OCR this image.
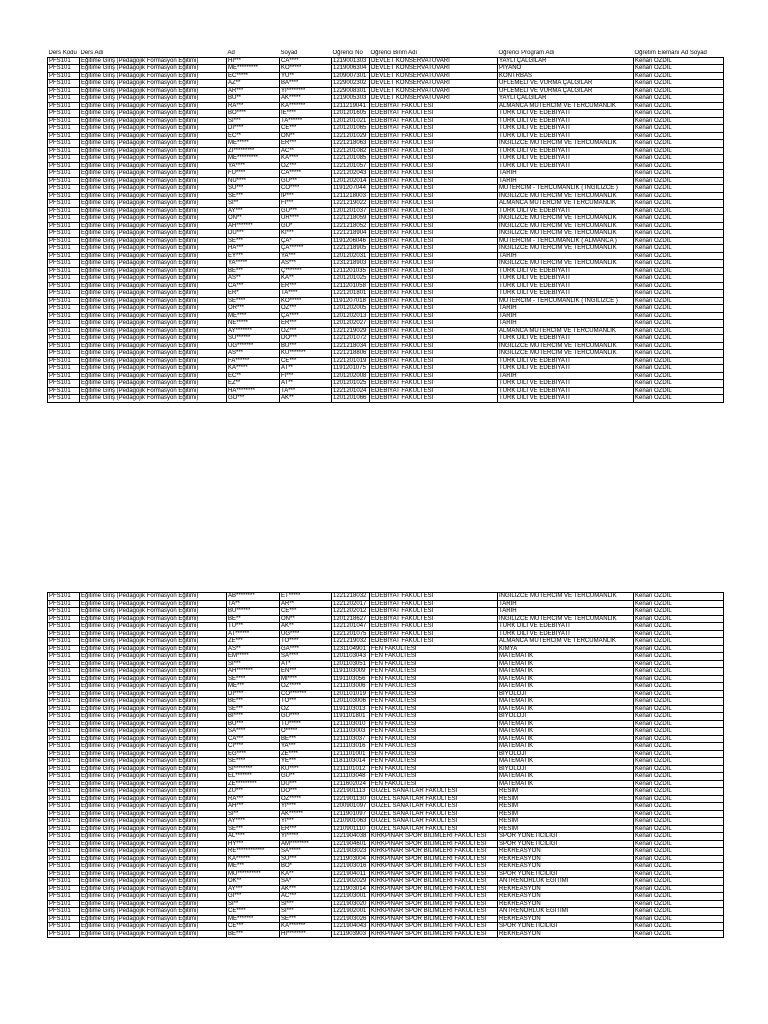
Ders Kodu	Ders Adı	Ad	Soyad	Öğrenci No	Öğrenci Birim Adı	Öğrenci Program Adı	Öğretim Elemanı Ad Soyad
PFS101	Eğitime Giriş (Pedagojik Formasyon Eğitimi)	HI***	CA****	1219001303	DEVLET KONSERVATUVARI	YAYLI ÇALGILAR	Kenan ÖZDİL
PFS101	Eğitime Giriş (Pedagojik Formasyon Eğitimi)	ME*********	KO*****	1219006304	DEVLET KONSERVATUVARI	PİYANO	Kenan ÖZDİL
PFS101	Eğitime Giriş (Pedagojik Formasyon Eğitimi)	EC*****	YÜ**	1209007301	DEVLET KONSERVATUVARI	KONTRBAS	Kenan ÖZDİL
PFS101	Eğitime Giriş (Pedagojik Formasyon Eğitimi)	AZ**	BA****	1229002302	DEVLET KONSERVATUVARI	ÜFLEMELİ VE VURMA ÇALGILAR	Kenan ÖZDİL
PFS101	Eğitime Giriş (Pedagojik Formasyon Eğitimi)	AR***	YI********	1229008301	DEVLET KONSERVATUVARI	ÜFLEMELİ VE VURMA ÇALGILAR	Kenan ÖZDİL
PFS101	Eğitime Giriş (Pedagojik Formasyon Eğitimi)	BU**	AK*****	1219005303	DEVLET KONSERVATUVARI	YAYLI ÇALGILAR	Kenan ÖZDİL
PFS101	Eğitime Giriş (Pedagojik Formasyon Eğitimi)	RA***	KA*******	1211219041	EDEBİYAT FAKÜLTESİ	ALMANCA MÜTERCİM VE TERCÜMANLIK	Kenan ÖZDİL
PFS101	Eğitime Giriş (Pedagojik Formasyon Eğitimi)	BO****	İE****	1201201605	EDEBİYAT FAKÜLTESİ	TÜRK DİLİ VE EDEBİYATI	Kenan ÖZDİL
PFS101	Eğitime Giriş (Pedagojik Formasyon Eğitimi)	SI***	TA******	1201201021	EDEBİYAT FAKÜLTESİ	TÜRK DİLİ VE EDEBİYATI	Kenan ÖZDİL
PFS101	Eğitime Giriş (Pedagojik Formasyon Eğitimi)	DI****	CE***	1201201065	EDEBİYAT FAKÜLTESİ	TÜRK DİLİ VE EDEBİYATI	Kenan ÖZDİL
PFS101	Eğitime Giriş (Pedagojik Formasyon Eğitimi)	EC**	ON**	1221201029	EDEBİYAT FAKÜLTESİ	TÜRK DİLİ VE EDEBİYATI	Kenan ÖZDİL
PFS101	Eğitime Giriş (Pedagojik Formasyon Eğitimi)	ME*****	ER***	1221218063	EDEBİYAT FAKÜLTESİ	İNGİLİZCE MÜTERCİM VE TERCÜMANLIK	Kenan ÖZDİL
PFS101	Eğitime Giriş (Pedagojik Formasyon Eğitimi)	ZI*********	AC**	1221201082	EDEBİYAT FAKÜLTESİ	TÜRK DİLİ VE EDEBİYATI	Kenan ÖZDİL
PFS101	Eğitime Giriş (Pedagojik Formasyon Eğitimi)	ME*********	KA****	1221201085	EDEBİYAT FAKÜLTESİ	TÜRK DİLİ VE EDEBİYATI	Kenan ÖZDİL
PFS101	Eğitime Giriş (Pedagojik Formasyon Eğitimi)	YA****	ÖZ***	1221201057	EDEBİYAT FAKÜLTESİ	TÜRK DİLİ VE EDEBİYATI	Kenan ÖZDİL
PFS101	Eğitime Giriş (Pedagojik Formasyon Eğitimi)	FU****	CA*****	1221202043	EDEBİYAT FAKÜLTESİ	TARİH	Kenan ÖZDİL
PFS101	Eğitime Giriş (Pedagojik Formasyon Eğitimi)	NU****	GÜ***	1201202014	EDEBİYAT FAKÜLTESİ	TARİH	Kenan ÖZDİL
PFS101	Eğitime Giriş (Pedagojik Formasyon Eğitimi)	SU***	CO****	1191207044	EDEBİYAT FAKÜLTESİ	MÜTERCİM - TERCÜMANLIK ( İNGİLİZCE )	Kenan ÖZDİL
PFS101	Eğitime Giriş (Pedagojik Formasyon Eğitimi)	SE***	İP***	1211218003	EDEBİYAT FAKÜLTESİ	İNGİLİZCE MÜTERCİM VE TERCÜMANLIK	Kenan ÖZDİL
PFS101	Eğitime Giriş (Pedagojik Formasyon Eğitimi)	SI**	FI***	1221219022	EDEBİYAT FAKÜLTESİ	ALMANCA MÜTERCİM VE TERCÜMANLIK	Kenan ÖZDİL
PFS101	Eğitime Giriş (Pedagojik Formasyon Eğitimi)	AY***	GÜ***	1201201037	EDEBİYAT FAKÜLTESİ	TÜRK DİLİ VE EDEBİYATI	Kenan ÖZDİL
PFS101	Eğitime Giriş (Pedagojik Formasyon Eğitimi)	ON**	UR****	1221218059	EDEBİYAT FAKÜLTESİ	İNGİLİZCE MÜTERCİM VE TERCÜMANLIK	Kenan ÖZDİL
PFS101	Eğitime Giriş (Pedagojik Formasyon Eğitimi)	AH*******	GÜ*	1221218052	EDEBİYAT FAKÜLTESİ	İNGİLİZCE MÜTERCİM VE TERCÜMANLIK	Kenan ÖZDİL
PFS101	Eğitime Giriş (Pedagojik Formasyon Eğitimi)	DU***	KI***	1221218904	EDEBİYAT FAKÜLTESİ	İNGİLİZCE MÜTERCİM VE TERCÜMANLIK	Kenan ÖZDİL
PFS101	Eğitime Giriş (Pedagojik Formasyon Eğitimi)	SE***	ÇA*	1191206046	EDEBİYAT FAKÜLTESİ	MÜTERCİM - TERCÜMANLIK ( ALMANCA )	Kenan ÖZDİL
PFS101	Eğitime Giriş (Pedagojik Formasyon Eğitimi)	HA***	ÇA******	1221218905	EDEBİYAT FAKÜLTESİ	İNGİLİZCE MÜTERCİM VE TERCÜMANLIK	Kenan ÖZDİL
PFS101	Eğitime Giriş (Pedagojik Formasyon Eğitimi)	EY***	YA***	1201202031	EDEBİYAT FAKÜLTESİ	TARİH	Kenan ÖZDİL
PFS101	Eğitime Giriş (Pedagojik Formasyon Eğitimi)	YA*****	AS***	1231218903	EDEBİYAT FAKÜLTESİ	İNGİLİZCE MÜTERCİM VE TERCÜMANLIK	Kenan ÖZDİL
PFS101	Eğitime Giriş (Pedagojik Formasyon Eğitimi)	BE***	Ç*******	1211201035	EDEBİYAT FAKÜLTESİ	TÜRK DİLİ VE EDEBİYATI	Kenan ÖZDİL
PFS101	Eğitime Giriş (Pedagojik Formasyon Eğitimi)	AS**	KA**	1201201025	EDEBİYAT FAKÜLTESİ	TÜRK DİLİ VE EDEBİYATI	Kenan ÖZDİL
PFS101	Eğitime Giriş (Pedagojik Formasyon Eğitimi)	CA***	ER***	1211201058	EDEBİYAT FAKÜLTESİ	TÜRK DİLİ VE EDEBİYATI	Kenan ÖZDİL
PFS101	Eğitime Giriş (Pedagojik Formasyon Eğitimi)	ER*	TA****	1221201801	EDEBİYAT FAKÜLTESİ	TÜRK DİLİ VE EDEBİYATI	Kenan ÖZDİL
PFS101	Eğitime Giriş (Pedagojik Formasyon Eğitimi)	SE****	KÖ*****	1191207018	EDEBİYAT FAKÜLTESİ	MÜTERCİM - TERCÜMANLIK ( İNGİLİZCE )	Kenan ÖZDİL
PFS101	Eğitime Giriş (Pedagojik Formasyon Eğitimi)	OR***	ÖZ***	1201202005	EDEBİYAT FAKÜLTESİ	TARİH	Kenan ÖZDİL
PFS101	Eğitime Giriş (Pedagojik Formasyon Eğitimi)	ME****	ÇA****	1201202013	EDEBİYAT FAKÜLTESİ	TARİH	Kenan ÖZDİL
PFS101	Eğitime Giriş (Pedagojik Formasyon Eğitimi)	NE*****	ER***	1201202027	EDEBİYAT FAKÜLTESİ	TARİH	Kenan ÖZDİL
PFS101	Eğitime Giriş (Pedagojik Formasyon Eğitimi)	AY*******	ÖZ***	1221219029	EDEBİYAT FAKÜLTESİ	ALMANCA MÜTERCİM VE TERCÜMANLIK	Kenan ÖZDİL
PFS101	Eğitime Giriş (Pedagojik Formasyon Eğitimi)	SU******	DO***	1221201072	EDEBİYAT FAKÜLTESİ	TÜRK DİLİ VE EDEBİYATI	Kenan ÖZDİL
PFS101	Eğitime Giriş (Pedagojik Formasyon Eğitimi)	UĞ*******	BU***	1221218034	EDEBİYAT FAKÜLTESİ	İNGİLİZCE MÜTERCİM VE TERCÜMANLIK	Kenan ÖZDİL
PFS101	Eğitime Giriş (Pedagojik Formasyon Eğitimi)	AS***	KU*******	1221218806	EDEBİYAT FAKÜLTESİ	İNGİLİZCE MÜTERCİM VE TERCÜMANLIK	Kenan ÖZDİL
PFS101	Eğitime Giriş (Pedagojik Formasyon Eğitimi)	FA******	CE***	1221201019	EDEBİYAT FAKÜLTESİ	TÜRK DİLİ VE EDEBİYATI	Kenan ÖZDİL
PFS101	Eğitime Giriş (Pedagojik Formasyon Eğitimi)	KA*****	AT**	1191201075	EDEBİYAT FAKÜLTESİ	TÜRK DİLİ VE EDEBİYATI	Kenan ÖZDİL
PFS101	Eğitime Giriş (Pedagojik Formasyon Eğitimi)	EC**	Fİ***	1201202008	EDEBİYAT FAKÜLTESİ	TARİH	Kenan ÖZDİL
PFS101	Eğitime Giriş (Pedagojik Formasyon Eğitimi)	EZ**	AT**	1201201025	EDEBİYAT FAKÜLTESİ	TÜRK DİLİ VE EDEBİYATI	Kenan ÖZDİL
PFS101	Eğitime Giriş (Pedagojik Formasyon Eğitimi)	HA********	TA***	1221201024	EDEBİYAT FAKÜLTESİ	TÜRK DİLİ VE EDEBİYATI	Kenan ÖZDİL
PFS101	Eğitime Giriş (Pedagojik Formasyon Eğitimi)	GÖ***	AK**	1201201066	EDEBİYAT FAKÜLTESİ	TÜRK DİLİ VE EDEBİYATI	Kenan ÖZDİL
PFS101	Eğitime Giriş (Pedagojik Formasyon Eğitimi)	AB********	ET*****	1221218032	EDEBİYAT FAKÜLTESİ	İNGİLİZCE MÜTERCİM VE TERCÜMANLIK	Kenan ÖZDİL
PFS101	Eğitime Giriş (Pedagojik Formasyon Eğitimi)	TA**	AR**	1221202017	EDEBİYAT FAKÜLTESİ	TARİH	Kenan ÖZDİL
PFS101	Eğitime Giriş (Pedagojik Formasyon Eğitimi)	BU******	CE***	1221202012	EDEBİYAT FAKÜLTESİ	TARİH	Kenan ÖZDİL
PFS101	Eğitime Giriş (Pedagojik Formasyon Eğitimi)	BE**	ON**	1201218627	EDEBİYAT FAKÜLTESİ	İNGİLİZCE MÜTERCİM VE TERCÜMANLIK	Kenan ÖZDİL
PFS101	Eğitime Giriş (Pedagojik Formasyon Eğitimi)	TU***	AK**	1221201047	EDEBİYAT FAKÜLTESİ	TÜRK DİLİ VE EDEBİYATI	Kenan ÖZDİL
PFS101	Eğitime Giriş (Pedagojik Formasyon Eğitimi)	AT******	UĞ****	1221201075	EDEBİYAT FAKÜLTESİ	TÜRK DİLİ VE EDEBİYATI	Kenan ÖZDİL
PFS101	Eğitime Giriş (Pedagojik Formasyon Eğitimi)	ZE***	TO****	1221219032	EDEBİYAT FAKÜLTESİ	ALMANCA MÜTERCİM VE TERCÜMANLIK	Kenan ÖZDİL
PFS101	Eğitime Giriş (Pedagojik Formasyon Eğitimi)	AS**	GA****	1231104901	FEN FAKÜLTESİ	KİMYA	Kenan ÖZDİL
PFS101	Eğitime Giriş (Pedagojik Formasyon Eğitimi)	EM*****	SA****	1201103043	FEN FAKÜLTESİ	MATEMATİK	Kenan ÖZDİL
PFS101	Eğitime Giriş (Pedagojik Formasyon Eğitimi)	SI***	AT*	1201103051	FEN FAKÜLTESİ	MATEMATİK	Kenan ÖZDİL
PFS101	Eğitime Giriş (Pedagojik Formasyon Eğitimi)	AH*******	EN***	1191103009	FEN FAKÜLTESİ	MATEMATİK	Kenan ÖZDİL
PFS101	Eğitime Giriş (Pedagojik Formasyon Eğitimi)	SE****	MI****	1191103056	FEN FAKÜLTESİ	MATEMATİK	Kenan ÖZDİL
PFS101	Eğitime Giriş (Pedagojik Formasyon Eğitimi)	ME***	ÖZ*****	1211103006	FEN FAKÜLTESİ	MATEMATİK	Kenan ÖZDİL
PFS101	Eğitime Giriş (Pedagojik Formasyon Eğitimi)	DI****	CO*******	1201101019	FEN FAKÜLTESİ	BİYOLOJİ	Kenan ÖZDİL
PFS101	Eğitime Giriş (Pedagojik Formasyon Eğitimi)	BE***	TO***	1201103006	FEN FAKÜLTESİ	MATEMATİK	Kenan ÖZDİL
PFS101	Eğitime Giriş (Pedagojik Formasyon Eğitimi)	SE***	ÖZ	1191103013	FEN FAKÜLTESİ	MATEMATİK	Kenan ÖZDİL
PFS101	Eğitime Giriş (Pedagojik Formasyon Eğitimi)	BI****	GÜ****	1191101801	FEN FAKÜLTESİ	BİYOLOJİ	Kenan ÖZDİL
PFS101	Eğitime Giriş (Pedagojik Formasyon Eğitimi)	BU***	TU*****	1211103010	FEN FAKÜLTESİ	MATEMATİK	Kenan ÖZDİL
PFS101	Eğitime Giriş (Pedagojik Formasyon Eğitimi)	SA****	Ö*****	1211103003	FEN FAKÜLTESİ	MATEMATİK	Kenan ÖZDİL
PFS101	Eğitime Giriş (Pedagojik Formasyon Eğitimi)	CA***	BE***	1211103037	FEN FAKÜLTESİ	MATEMATİK	Kenan ÖZDİL
PFS101	Eğitime Giriş (Pedagojik Formasyon Eğitimi)	CI****	YA***	1211103016	FEN FAKÜLTESİ	MATEMATİK	Kenan ÖZDİL
PFS101	Eğitime Giriş (Pedagojik Formasyon Eğitimi)	EG****	ZE****	1211101001	FEN FAKÜLTESİ	BİYOLOJİ	Kenan ÖZDİL
PFS101	Eğitime Giriş (Pedagojik Formasyon Eğitimi)	SE****	YE***	1181103014	FEN FAKÜLTESİ	MATEMATİK	Kenan ÖZDİL
PFS101	Eğitime Giriş (Pedagojik Formasyon Eğitimi)	SI********	KU****	1211101012	FEN FAKÜLTESİ	BİYOLOJİ	Kenan ÖZDİL
PFS101	Eğitime Giriş (Pedagojik Formasyon Eğitimi)	EL*******	GÜ**	1211103048	FEN FAKÜLTESİ	MATEMATİK	Kenan ÖZDİL
PFS101	Eğitime Giriş (Pedagojik Formasyon Eğitimi)	ZE*********	DU***	1211602024	FEN FAKÜLTESİ	MATEMATİK	Kenan ÖZDİL
PFS101	Eğitime Giriş (Pedagojik Formasyon Eğitimi)	ZU***	DO***	1221901113	GÜZEL SANATLAR FAKÜLTESİ	RESİM	Kenan ÖZDİL
PFS101	Eğitime Giriş (Pedagojik Formasyon Eğitimi)	RA***	ÖZ*****	1221901130	GÜZEL SANATLAR FAKÜLTESİ	RESİM	Kenan ÖZDİL
PFS101	Eğitime Giriş (Pedagojik Formasyon Eğitimi)	AH***	YI****	1200901097	GÜZEL SANATLAR FAKÜLTESİ	RESİM	Kenan ÖZDİL
PFS101	Eğitime Giriş (Pedagojik Formasyon Eğitimi)	SI**	AK******	1211901097	GÜZEL SANATLAR FAKÜLTESİ	RESİM	Kenan ÖZDİL
PFS101	Eğitime Giriş (Pedagojik Formasyon Eğitimi)	AY****	YI***	1210901063	GÜZEL SANATLAR FAKÜLTESİ	RESİM	Kenan ÖZDİL
PFS101	Eğitime Giriş (Pedagojik Formasyon Eğitimi)	SE***	ER***	1210901110	GÜZEL SANATLAR FAKÜLTESİ	RESİM	Kenan ÖZDİL
PFS101	Eğitime Giriş (Pedagojik Formasyon Eğitimi)	AL****	YI*****	1221904038	KIRKPINAR SPOR BİLİMLERİ FAKÜLTESİ	SPOR YÖNETİCİLİĞİ	Kenan ÖZDİL
PFS101	Eğitime Giriş (Pedagojik Formasyon Eğitimi)	HY***	AM********	1221904601	KIRKPINAR SPOR BİLİMLERİ FAKÜLTESİ	SPOR YÖNETİCİLİĞİ	Kenan ÖZDİL
PFS101	Eğitime Giriş (Pedagojik Formasyon Eğitimi)	RE************	SA*****	1221903023	KIRKPINAR SPOR BİLİMLERİ FAKÜLTESİ	REKREASYON	Kenan ÖZDİL
PFS101	Eğitime Giriş (Pedagojik Formasyon Eğitimi)	KA******	SU***	1211903004	KIRKPINAR SPOR BİLİMLERİ FAKÜLTESİ	REKREASYON	Kenan ÖZDİL
PFS101	Eğitime Giriş (Pedagojik Formasyon Eğitimi)	ME***	BO*	1221903016	KIRKPINAR SPOR BİLİMLERİ FAKÜLTESİ	REKREASYON	Kenan ÖZDİL
PFS101	Eğitime Giriş (Pedagojik Formasyon Eğitimi)	MU**********	KA**	1221904011	KIRKPINAR SPOR BİLİMLERİ FAKÜLTESİ	SPOR YÖNETİCİLİĞİ	Kenan ÖZDİL
PFS101	Eğitime Giriş (Pedagojik Formasyon Eğitimi)	OK**	SA*	1221902029	KIRKPINAR SPOR BİLİMLERİ FAKÜLTESİ	ANTRENÖRLÜK EĞİTİMİ	Kenan ÖZDİL
PFS101	Eğitime Giriş (Pedagojik Formasyon Eğitimi)	AY***	AK***	1211903014	KIRKPINAR SPOR BİLİMLERİ FAKÜLTESİ	REKREASYON	Kenan ÖZDİL
PFS101	Eğitime Giriş (Pedagojik Formasyon Eğitimi)	GI***	AC***	1221903001	KIRKPINAR SPOR BİLİMLERİ FAKÜLTESİ	REKREASYON	Kenan ÖZDİL
PFS101	Eğitime Giriş (Pedagojik Formasyon Eğitimi)	SI**	SI***	1221903020	KIRKPINAR SPOR BİLİMLERİ FAKÜLTESİ	REKREASYON	Kenan ÖZDİL
PFS101	Eğitime Giriş (Pedagojik Formasyon Eğitimi)	CE****	SI***	1221902001	KIRKPINAR SPOR BİLİMLERİ FAKÜLTESİ	ANTRENÖRLÜK EĞİTİMİ	Kenan ÖZDİL
PFS101	Eğitime Giriş (Pedagojik Formasyon Eğitimi)	ME*******	SE***	1221903026	KIRKPINAR SPOR BİLİMLERİ FAKÜLTESİ	REKREASYON	Kenan ÖZDİL
PFS101	Eğitime Giriş (Pedagojik Formasyon Eğitimi)	CE***	KA*******	1221904043	KIRKPINAR SPOR BİLİMLERİ FAKÜLTESİ	SPOR YÖNETİCİLİĞİ	Kenan ÖZDİL
PFS101	Eğitime Giriş (Pedagojik Formasyon Eğitimi)	BE***	HI********	1211903903	KIRKPINAR SPOR BİLİMLERİ FAKÜLTESİ	REKREASYON	Kenan ÖZDİL
